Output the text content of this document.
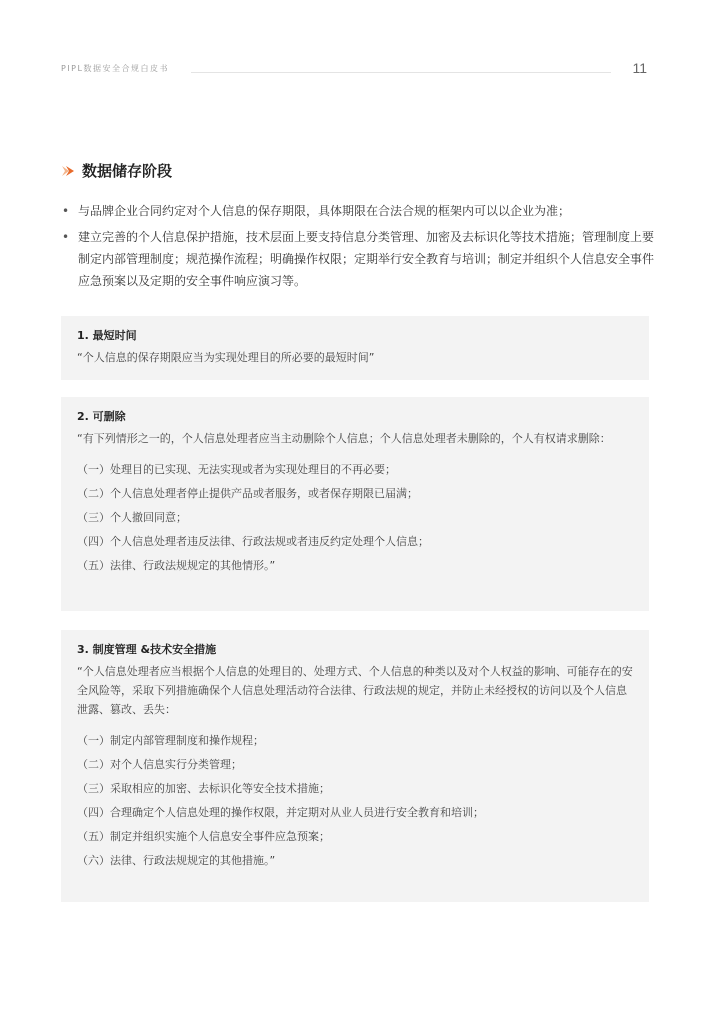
PIPL数据安全合规白皮书	11
数据储存阶段
• 与品牌企业合同约定对个人信息的保存期限，具体期限在合法合规的框架内可以以企业为准；
• 建立完善的个人信息保护措施，技术层面上要支持信息分类管理、加密及去标识化等技术措施；管理制度上要制定内部管理制度；规范操作流程；明确操作权限；定期举行安全教育与培训；制定并组织个人信息安全事件应急预案以及定期的安全事件响应演习等。
1. 最短时间
“个人信息的保存期限应当为实现处理目的所必要的最短时间”
2. 可删除
“有下列情形之一的，个人信息处理者应当主动删除个人信息；个人信息处理者未删除的，个人有权请求删除：
（一）处理目的已实现、无法实现或者为实现处理目的不再必要；
（二）个人信息处理者停止提供产品或者服务，或者保存期限已届满；
（三）个人撤回同意；
（四）个人信息处理者违反法律、行政法规或者违反约定处理个人信息；
（五）法律、行政法规规定的其他情形。”
3. 制度管理 &技术安全措施
“个人信息处理者应当根据个人信息的处理目的、处理方式、个人信息的种类以及对个人权益的影响、可能存在的安全风险等，采取下列措施确保个人信息处理活动符合法律、行政法规的规定，并防止未经授权的访问以及个人信息泄露、篡改、丢失：
（一）制定内部管理制度和操作规程；
（二）对个人信息实行分类管理；
（三）采取相应的加密、去标识化等安全技术措施；
（四）合理确定个人信息处理的操作权限，并定期对从业人员进行安全教育和培训；
（五）制定并组织实施个人信息安全事件应急预案；
（六）法律、行政法规规定的其他措施。”
